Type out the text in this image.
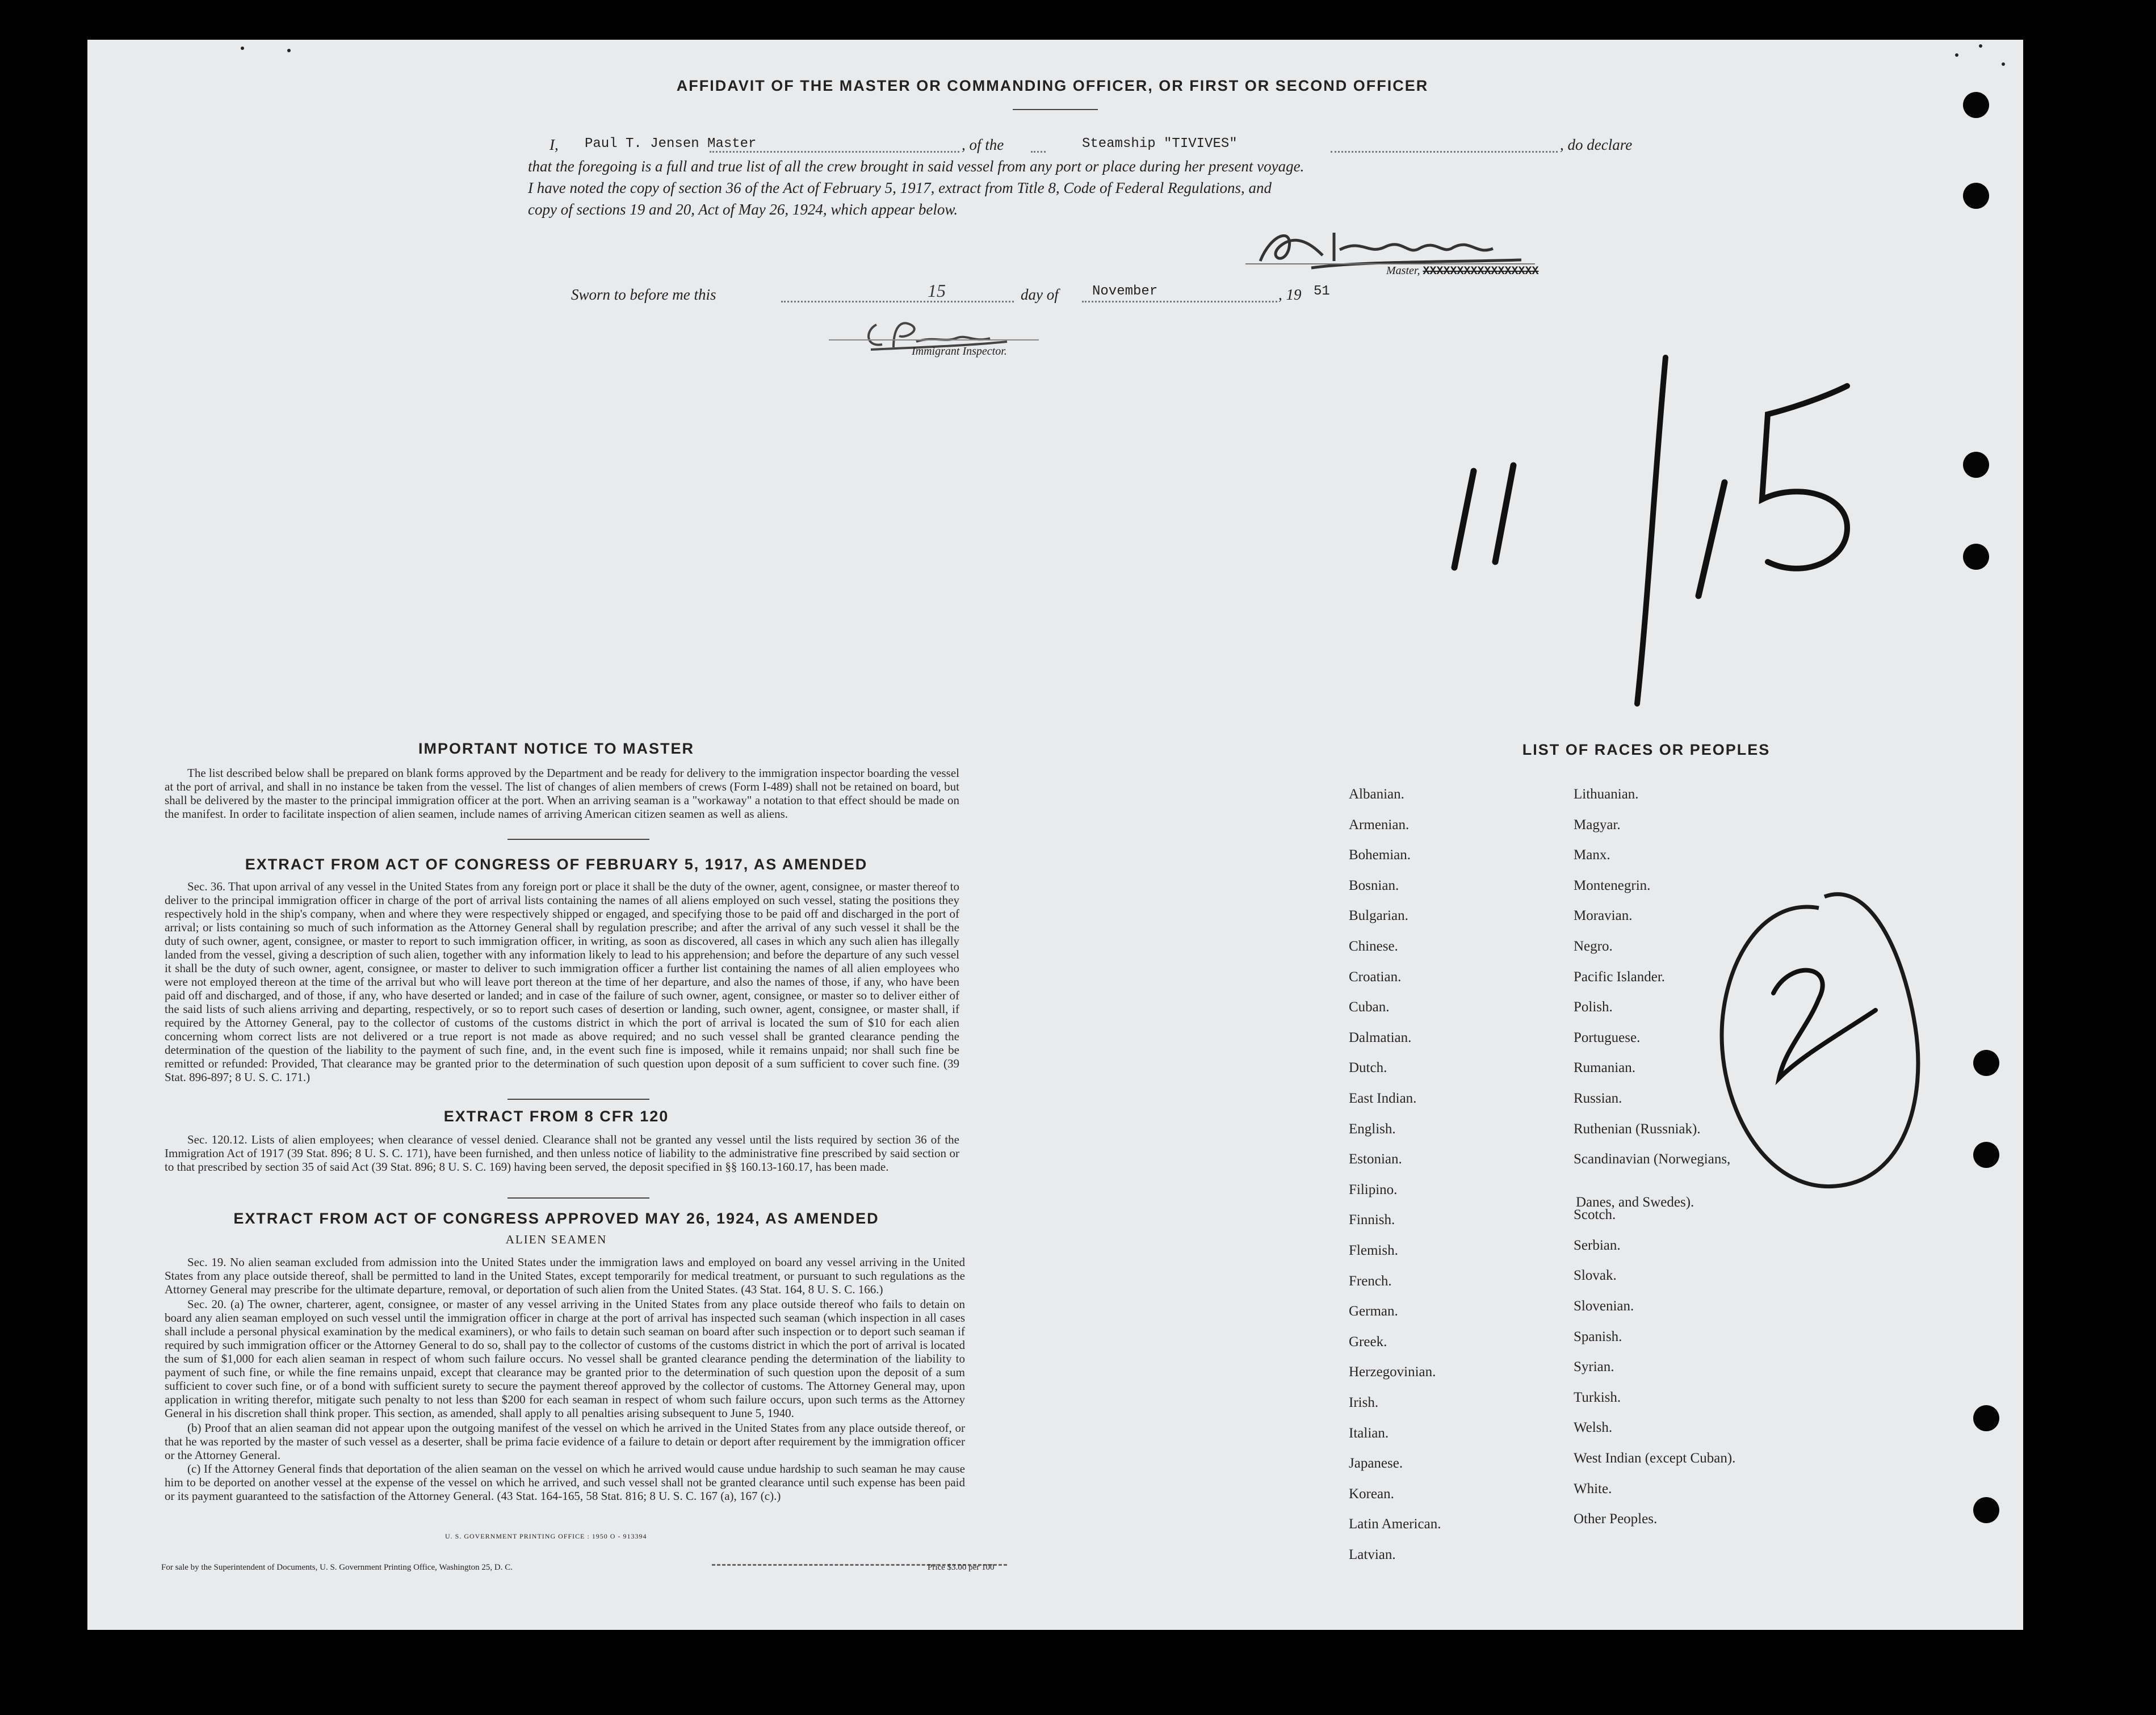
AFFIDAVIT OF THE MASTER OR COMMANDING OFFICER, OR FIRST OR SECOND OFFICER
I, Paul T. Jensen Master	, of the	Steamship "TIVIVES"	, do declare
that the foregoing is a full and true list of all the crew brought in said vessel from any port or place during her present voyage.
I have noted the copy of section 36 of the Act of February 5, 1917, extract from Title 8, Code of Federal Regulations, and
copy of sections 19 and 20, Act of May 26, 1924, which appear below.
Master, XXXXXXXXXXXXXXXXX
Sworn to before me this	15	day of November	, 19 51
Immigrant Inspector.
IMPORTANT NOTICE TO MASTER
The list described below shall be prepared on blank forms approved by the Department and be ready for delivery to the immigration inspector boarding the vessel at the port of arrival, and shall in no instance be taken from the vessel. The list of changes of alien members of crews (Form I-489) shall not be retained on board, but shall be delivered by the master to the principal immigration officer at the port. When an arriving seaman is a "workaway" a notation to that effect should be made on the manifest. In order to facilitate inspection of alien seamen, include names of arriving American citizen seamen as well as aliens.
EXTRACT FROM ACT OF CONGRESS OF FEBRUARY 5, 1917, AS AMENDED
Sec. 36. That upon arrival of any vessel in the United States from any foreign port or place it shall be the duty of the owner, agent, consignee, or master thereof to deliver to the principal immigration officer in charge of the port of arrival lists containing the names of all aliens employed on such vessel, stating the positions they respectively hold in the ship's company, when and where they were respectively shipped or engaged, and specifying those to be paid off and discharged in the port of arrival; or lists containing so much of such information as the Attorney General shall by regulation prescribe; and after the arrival of any such vessel it shall be the duty of such owner, agent, consignee, or master to report to such immigration officer, in writing, as soon as discovered, all cases in which any such alien has illegally landed from the vessel, giving a description of such alien, together with any information likely to lead to his apprehension; and before the departure of any such vessel it shall be the duty of such owner, agent, consignee, or master to deliver to such immigration officer a further list containing the names of all alien employees who were not employed thereon at the time of the arrival but who will leave port thereon at the time of her departure, and also the names of those, if any, who have been paid off and discharged, and of those, if any, who have deserted or landed; and in case of the failure of such owner, agent, consignee, or master so to deliver either of the said lists of such aliens arriving and departing, respectively, or so to report such cases of desertion or landing, such owner, agent, consignee, or master shall, if required by the Attorney General, pay to the collector of customs of the customs district in which the port of arrival is located the sum of $10 for each alien concerning whom correct lists are not delivered or a true report is not made as above required; and no such vessel shall be granted clearance pending the determination of the question of the liability to the payment of such fine, and, in the event such fine is imposed, while it remains unpaid; nor shall such fine be remitted or refunded: Provided, That clearance may be granted prior to the determination of such question upon deposit of a sum sufficient to cover such fine. (39 Stat. 896-897; 8 U. S. C. 171.)
EXTRACT FROM 8 CFR 120
Sec. 120.12. Lists of alien employees; when clearance of vessel denied. Clearance shall not be granted any vessel until the lists required by section 36 of the Immigration Act of 1917 (39 Stat. 896; 8 U. S. C. 171), have been furnished, and then unless notice of liability to the administrative fine prescribed by said section or to that prescribed by section 35 of said Act (39 Stat. 896; 8 U. S. C. 169) having been served, the deposit specified in §§ 160.13-160.17, has been made.
EXTRACT FROM ACT OF CONGRESS APPROVED MAY 26, 1924, AS AMENDED
ALIEN SEAMEN
Sec. 19. No alien seaman excluded from admission into the United States under the immigration laws and employed on board any vessel arriving in the United States from any place outside thereof, shall be permitted to land in the United States, except temporarily for medical treatment, or pursuant to such regulations as the Attorney General may prescribe for the ultimate departure, removal, or deportation of such alien from the United States. (43 Stat. 164, 8 U. S. C. 166.)
Sec. 20. (a) The owner, charterer, agent, consignee, or master of any vessel arriving in the United States from any place outside thereof who fails to detain on board any alien seaman employed on such vessel until the immigration officer in charge at the port of arrival has inspected such seaman (which inspection in all cases shall include a personal physical examination by the medical examiners), or who fails to detain such seaman on board after such inspection or to deport such seaman if required by such immigration officer or the Attorney General to do so, shall pay to the collector of customs of the customs district in which the port of arrival is located the sum of $1,000 for each alien seaman in respect of whom such failure occurs. No vessel shall be granted clearance pending the determination of the liability to payment of such fine, or while the fine remains unpaid, except that clearance may be granted prior to the determination of such question upon the deposit of a sum sufficient to cover such fine, or of a bond with sufficient surety to secure the payment thereof approved by the collector of customs. The Attorney General may, upon application in writing therefor, mitigate such penalty to not less than $200 for each seaman in respect of whom such failure occurs, upon such terms as the Attorney General in his discretion shall think proper. This section, as amended, shall apply to all penalties arising subsequent to June 5, 1940.
(b) Proof that an alien seaman did not appear upon the outgoing manifest of the vessel on which he arrived in the United States from any place outside thereof, or that he was reported by the master of such vessel as a deserter, shall be prima facie evidence of a failure to detain or deport after requirement by the immigration officer or the Attorney General.
(c) If the Attorney General finds that deportation of the alien seaman on the vessel on which he arrived would cause undue hardship to such seaman he may cause him to be deported on another vessel at the expense of the vessel on which he arrived, and such vessel shall not be granted clearance until such expense has been paid or its payment guaranteed to the satisfaction of the Attorney General. (43 Stat. 164-165, 58 Stat. 816; 8 U. S. C. 167 (a), 167 (c).)
U. S. GOVERNMENT PRINTING OFFICE : 1950 O - 913394
For sale by the Superintendent of Documents, U. S. Government Printing Office, Washington 25, D. C.	Price $3.00 per 100
LIST OF RACES OR PEOPLES
Albanian.
Armenian.
Bohemian.
Bosnian.
Bulgarian.
Chinese.
Croatian.
Cuban.
Dalmatian.
Dutch.
East Indian.
English.
Estonian.
Filipino.
Finnish.
Flemish.
French.
German.
Greek.
Herzegovinian.
Irish.
Italian.
Japanese.
Korean.
Latin American.
Latvian.
Lithuanian.
Magyar.
Manx.
Montenegrin.
Moravian.
Negro.
Pacific Islander.
Polish.
Portuguese.
Rumanian.
Russian.
Ruthenian (Russniak).
Scandinavian (Norwegians,
Danes, and Swedes).
Scotch.
Serbian.
Slovak.
Slovenian.
Spanish.
Syrian.
Turkish.
Welsh.
West Indian (except Cuban).
White.
Other Peoples.
